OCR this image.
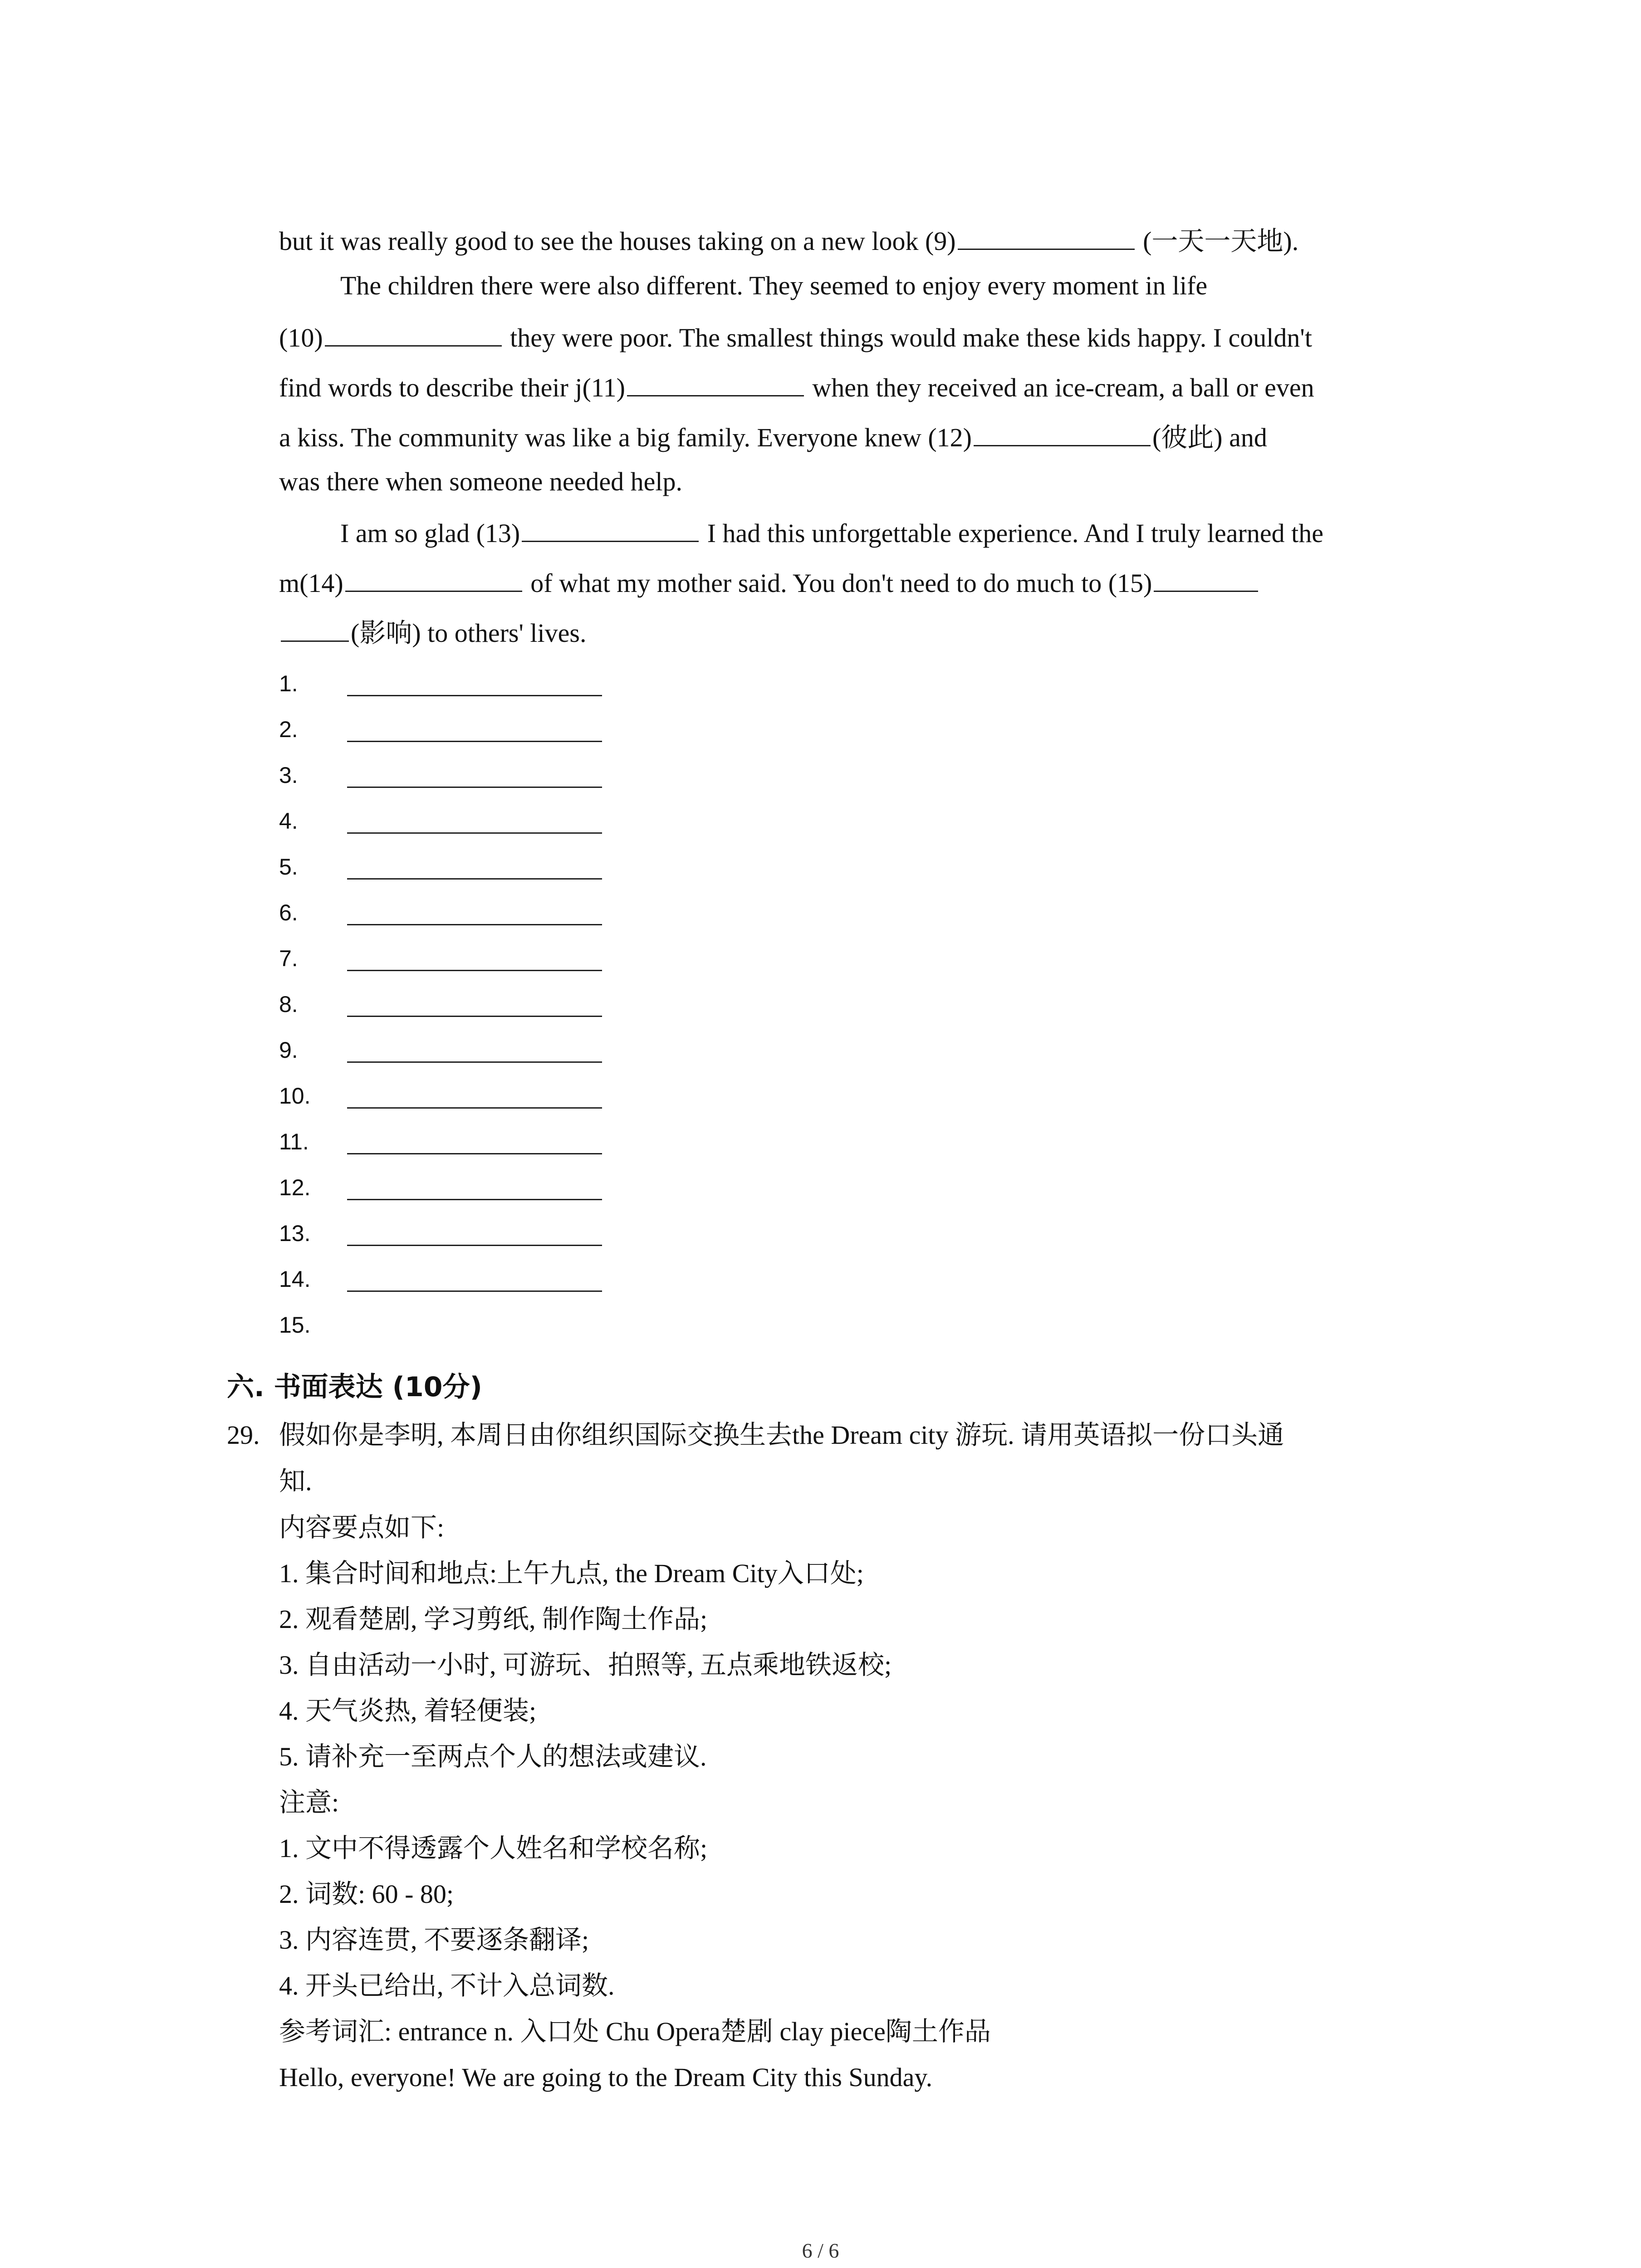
but it was really good to see the houses taking on a new look (9)	(一天一天地).
The children there were also different. They seemed to enjoy every moment in life
(10)	they were poor. The smallest things would make these kids happy. I couldn't
find words to describe their j(11)	when they received an ice-cream, a ball or even
a kiss. The community was like a big family. Everyone knew (12)	(彼此) and
was there when someone needed help.
I am so glad (13)	I had this unforgettable experience. And I truly learned the
m(14)	of what my mother said. You don't need to do much to (15)
(影响) to others' lives.
1.
2.
3.
4.
5.
6.
7.
8.
9.
10.
11.
12.
13.
14.
15.
六. 书面表达 (10分)
29. 假如你是李明, 本周日由你组织国际交换生去the Dream city 游玩. 请用英语拟一份口头通
知.
内容要点如下:
1. 集合时间和地点:上午九点, the Dream City入口处;
2. 观看楚剧, 学习剪纸, 制作陶土作品;
3. 自由活动一小时, 可游玩、拍照等, 五点乘地铁返校;
4. 天气炎热, 着轻便装;
5. 请补充一至两点个人的想法或建议.
注意:
1. 文中不得透露个人姓名和学校名称;
2. 词数: 60 - 80;
3. 内容连贯, 不要逐条翻译;
4. 开头已给出, 不计入总词数.
参考词汇: entrance n. 入口处 Chu Opera楚剧 clay piece陶土作品
Hello, everyone! We are going to the Dream City this Sunday.
6 / 6
